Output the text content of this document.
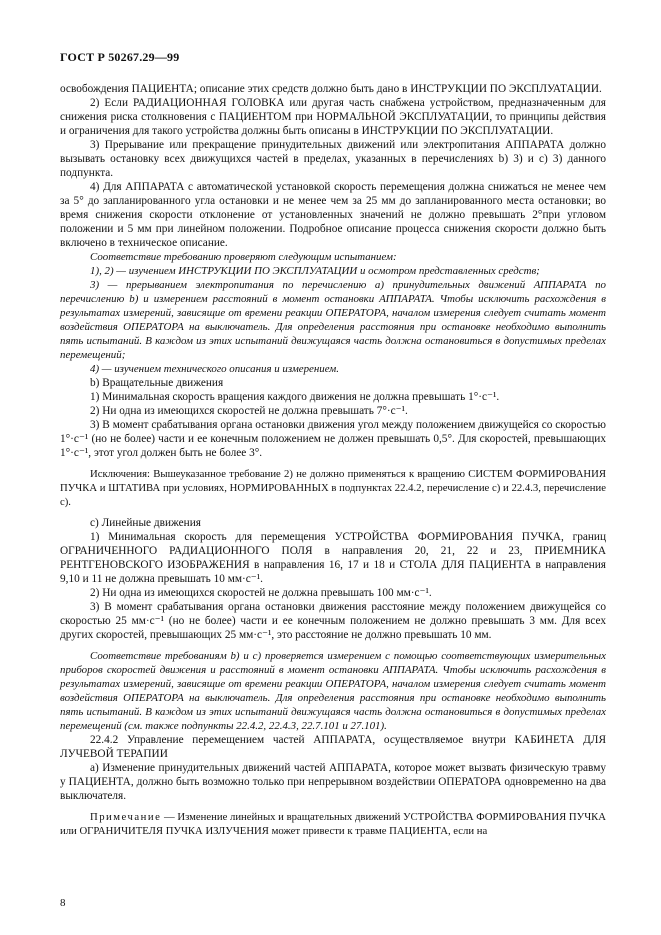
ГОСТ Р 50267.29—99

освобождения ПАЦИЕНТА; описание этих средств должно быть дано в ИНСТРУКЦИИ ПО ЭКСПЛУАТАЦИИ.

2) Если РАДИАЦИОННАЯ ГОЛОВКА или другая часть снабжена устройством, предназначенным для снижения риска столкновения с ПАЦИЕНТОМ при НОРМАЛЬНОЙ ЭКСПЛУАТАЦИИ, то принципы действия и ограничения для такого устройства должны быть описаны в ИНСТРУКЦИИ ПО ЭКСПЛУАТАЦИИ.

3) Прерывание или прекращение принудительных движений или электропитания АППАРАТА должно вызывать остановку всех движущихся частей в пределах, указанных в перечислениях b) 3) и с) 3) данного подпункта.

4) Для АППАРАТА с автоматической установкой скорость перемещения должна снижаться не менее чем за 5° до запланированного угла остановки и не менее чем за 25 мм до запланированного места остановки; во время снижения скорости отклонение от установленных значений не должно превышать 2°при угловом положении и 5 мм при линейном положении. Подробное описание процесса снижения скорости должно быть включено в техническое описание.

Соответствие требованию проверяют следующим испытанием:

1), 2) — изучением ИНСТРУКЦИИ ПО ЭКСПЛУАТАЦИИ и осмотром представленных средств;

3) — прерыванием электропитания по перечислению а) принудительных движений АППАРАТА по перечислению b) и измерением расстояний в момент остановки АППАРАТА. Чтобы исключить расхождения в результатах измерений, зависящие от времени реакции ОПЕРАТОРА, началом измерения следует считать момент воздействия ОПЕРАТОРА на выключатель. Для определения расстояния при остановке необходимо выполнить пять испытаний. В каждом из этих испытаний движущаяся часть должна остановиться в допустимых пределах перемещений;

4) — изучением технического описания и измерением.

b) Вращательные движения

1) Минимальная скорость вращения каждого движения не должна превышать 1°·с⁻¹.

2) Ни одна из имеющихся скоростей не должна превышать 7°·с⁻¹.

3) В момент срабатывания органа остановки движения угол между положением движущейся со скоростью 1°·с⁻¹ (но не более) части и ее конечным положением не должен превышать 0,5°. Для скоростей, превышающих 1°·с⁻¹, этот угол должен быть не более 3°.

Исключения: Вышеуказанное требование 2) не должно применяться к вращению СИСТЕМ ФОРМИРОВАНИЯ ПУЧКА и ШТАТИВА при условиях, НОРМИРОВАННЫХ в подпунктах 22.4.2, перечисление с) и 22.4.3, перечисление с).

с) Линейные движения

1) Минимальная скорость для перемещения УСТРОЙСТВА ФОРМИРОВАНИЯ ПУЧКА, границ ОГРАНИЧЕННОГО РАДИАЦИОННОГО ПОЛЯ в направления 20, 21, 22 и 23, ПРИЕМНИКА РЕНТГЕНОВСКОГО ИЗОБРАЖЕНИЯ в направления 16, 17 и 18 и СТОЛА ДЛЯ ПАЦИЕНТА в направления 9,10 и 11 не должна превышать 10 мм·с⁻¹.

2) Ни одна из имеющихся скоростей не должна превышать 100 мм·с⁻¹.

3) В момент срабатывания органа остановки движения расстояние между положением движущейся со скоростью 25 мм·с⁻¹ (но не более) части и ее конечным положением не должно превышать 3 мм. Для всех других скоростей, превышающих 25 мм·с⁻¹, это расстояние не должно превышать 10 мм.

Соответствие требованиям b) и с) проверяется измерением с помощью соответствующих измерительных приборов скоростей движения и расстояний в момент остановки АППАРАТА. Чтобы исключить расхождения в результатах измерений, зависящие от времени реакции ОПЕРАТОРА, началом измерения следует считать момент воздействия ОПЕРАТОРА на выключатель. Для определения расстояния при остановке необходимо выполнить пять испытаний. В каждом из этих испытаний движущаяся часть должна остановиться в допустимых пределах перемещений (см. также подпункты 22.4.2, 22.4.3, 22.7.101 и 27.101).

22.4.2 Управление перемещением частей АППАРАТА, осуществляемое внутри КАБИНЕТА ДЛЯ ЛУЧЕВОЙ ТЕРАПИИ

а) Изменение принудительных движений частей АППАРАТА, которое может вызвать физическую травму у ПАЦИЕНТА, должно быть возможно только при непрерывном воздействии ОПЕРАТОРА одновременно на два выключателя.

Примечание — Изменение линейных и вращательных движений УСТРОЙСТВА ФОРМИРОВАНИЯ ПУЧКА или ОГРАНИЧИТЕЛЯ ПУЧКА ИЗЛУЧЕНИЯ может привести к травме ПАЦИЕНТА, если на

8
